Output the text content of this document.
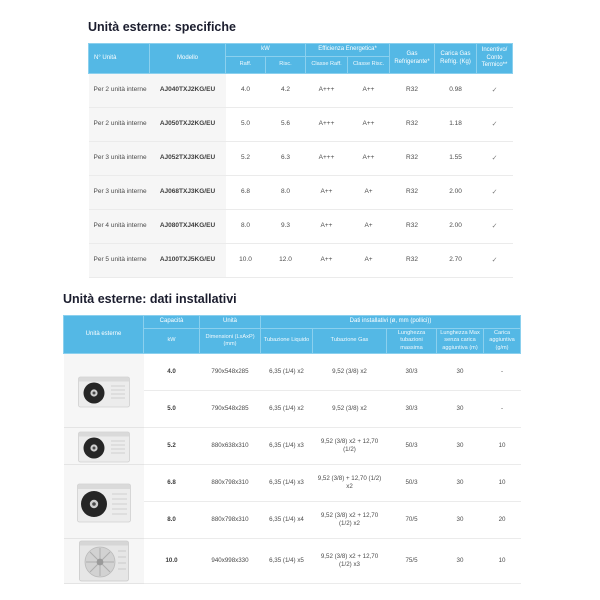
Unità esterne: specifiche
N° Unità	Modello	kW		Efficienza Energetica*		Gas Refrigerante*	Carica Gas Refrig. (Kg)	Incentivo/ Conto Termico**
		Raff.	Risc.	Classe Raff.	Classe Risc.			
Per 2 unità interne	AJ040TXJ2KG/EU	4.0	4.2	A+++	A++	R32	0.98	✓
Per 2 unità interne	AJ050TXJ2KG/EU	5.0	5.6	A+++	A++	R32	1.18	✓
Per 3 unità interne	AJ052TXJ3KG/EU	5.2	6.3	A+++	A++	R32	1.55	✓
Per 3 unità interne	AJ068TXJ3KG/EU	6.8	8.0	A++	A+	R32	2.00	✓
Per 4 unità interne	AJ080TXJ4KG/EU	8.0	9.3	A++	A+	R32	2.00	✓
Per 5 unità interne	AJ100TXJ5KG/EU	10.0	12.0	A++	A+	R32	2.70	✓
Unità esterne: dati installativi
Unità esterne	Capacità	Unità	Dati installativi (ø, mm (pollici))				
	kW	Dimensioni (LxAxP) (mm)	Tubazione Liquido	Tubazione Gas	Lunghezza tubazioni massima	Lunghezza Max senza carica aggiuntiva (m)	Carica aggiuntiva (g/m)

	4.0	790x548x285	6,35 (1/4) x2	9,52 (3/8) x2	30/3	30	-
	5.0	790x548x285	6,35 (1/4) x2	9,52 (3/8) x2	30/3	30	-

	5.2	880x638x310	6,35 (1/4) x3	9,52 (3/8) x2 + 12,70 (1/2)	50/3	30	10

	6.8	880x798x310	6,35 (1/4) x3	9,52 (3/8) + 12,70 (1/2) x2	50/3	30	10
	8.0	880x798x310	6,35 (1/4) x4	9,52 (3/8) x2 + 12,70 (1/2) x2	70/5	30	20

	10.0	940x998x330	6,35 (1/4) x5	9,52 (3/8) x2 + 12,70 (1/2) x3	75/5	30	10
